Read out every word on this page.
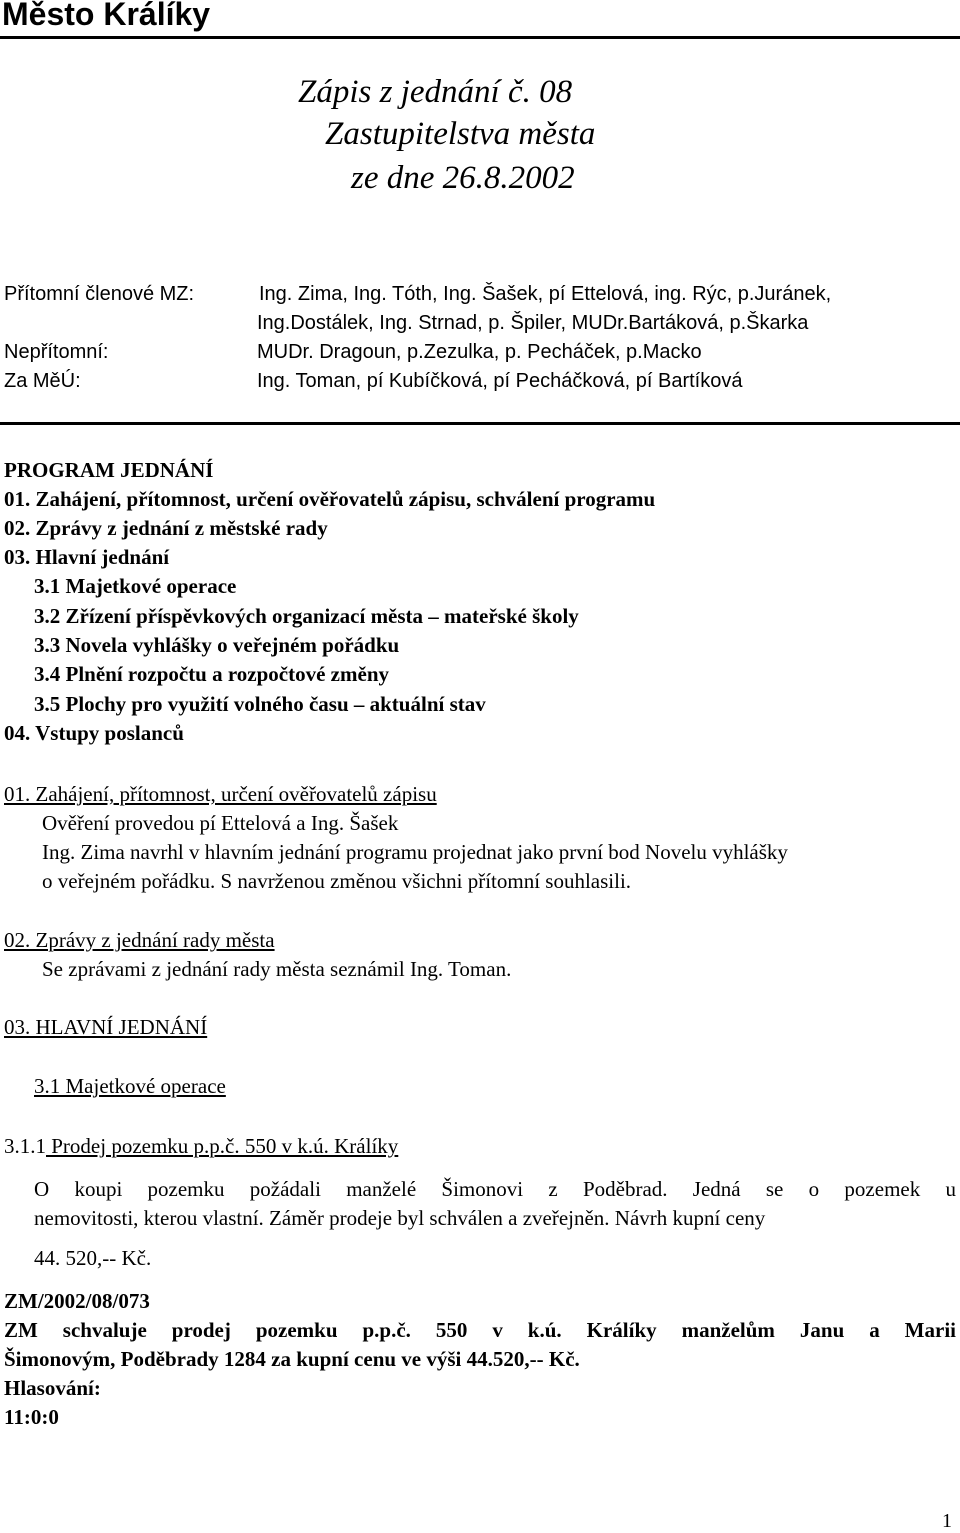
Město Králíky
Zápis z jednání č. 08
Zastupitelstva města
ze dne 26.8.2002
Přítomní členové MZ:	Ing. Zima, Ing. Tóth, Ing. Šašek, pí Ettelová, ing. Rýc, p.Juránek,
Ing.Dostálek, Ing. Strnad, p. Špiler, MUDr.Bartáková, p.Škarka
Nepřítomní:	MUDr. Dragoun, p.Zezulka, p. Pecháček, p.Macko
Za MěÚ:	Ing. Toman, pí Kubíčková, pí Pecháčková, pí Bartíková
PROGRAM JEDNÁNÍ
01. Zahájení, přítomnost, určení ověřovatelů zápisu, schválení programu
02. Zprávy z jednání z městské rady
03. Hlavní jednání
3.1 Majetkové operace
3.2 Zřízení příspěvkových organizací města – mateřské školy
3.3 Novela vyhlášky o veřejném pořádku
3.4 Plnění rozpočtu a rozpočtové změny
3.5 Plochy pro využití volného času – aktuální stav
04. Vstupy poslanců
01. Zahájení, přítomnost, určení ověřovatelů zápisu
Ověření provedou pí Ettelová a Ing. Šašek
Ing. Zima navrhl v hlavním jednání programu projednat jako první bod Novelu vyhlášky
o veřejném pořádku. S navrženou změnou všichni přítomní souhlasili.
02. Zprávy z jednání rady města
Se zprávami z jednání rady města seznámil Ing. Toman.
03. HLAVNÍ JEDNÁNÍ
3.1 Majetkové operace
3.1.1 Prodej pozemku p.p.č. 550 v k.ú. Králíky
O koupi pozemku požádali manželé Šimonovi z Poděbrad. Jedná se o pozemek u
nemovitosti, kterou vlastní. Záměr prodeje byl schválen a zveřejněn. Návrh kupní ceny
44. 520,-- Kč.
ZM/2002/08/073
ZM schvaluje prodej pozemku p.p.č. 550 v k.ú. Králíky manželům Janu a Marii
Šimonovým, Poděbrady 1284 za kupní cenu ve výši 44.520,-- Kč.
Hlasování:
11:0:0
1
